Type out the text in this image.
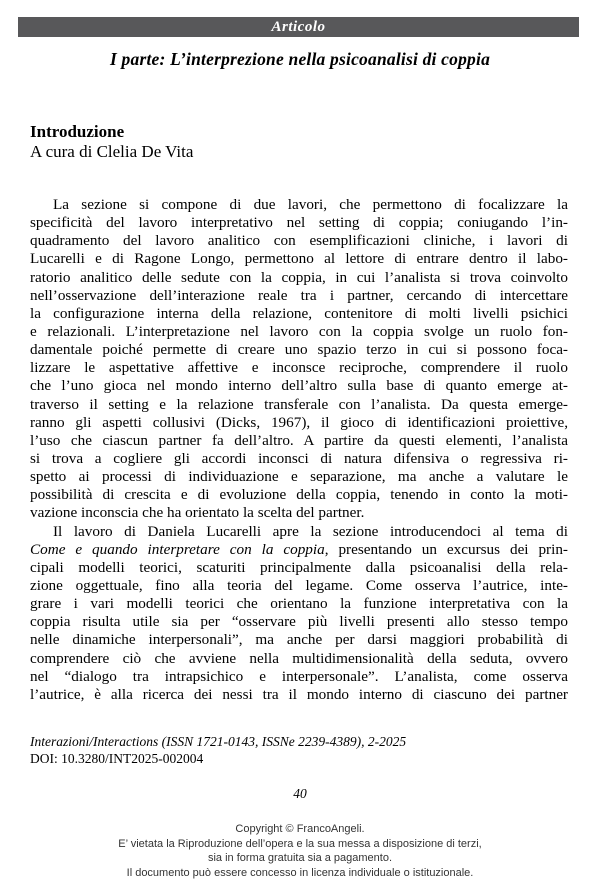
Articolo
I parte: L’interprezione nella psicoanalisi di coppia
Introduzione
A cura di Clelia De Vita
La sezione si compone di due lavori, che permettono di focalizzare la
specificità del lavoro interpretativo nel setting di coppia; coniugando l’in-
quadramento del lavoro analitico con esemplificazioni cliniche, i lavori di
Lucarelli e di Ragone Longo, permettono al lettore di entrare dentro il labo-
ratorio analitico delle sedute con la coppia, in cui l’analista si trova coinvolto
nell’osservazione dell’interazione reale tra i partner, cercando di intercettare
la configurazione interna della relazione, contenitore di molti livelli psichici
e relazionali. L’interpretazione nel lavoro con la coppia svolge un ruolo fon-
damentale poiché permette di creare uno spazio terzo in cui si possono foca-
lizzare le aspettative affettive e inconsce reciproche, comprendere il ruolo
che l’uno gioca nel mondo interno dell’altro sulla base di quanto emerge at-
traverso il setting e la relazione transferale con l’analista. Da questa emerge-
ranno gli aspetti collusivi (Dicks, 1967), il gioco di identificazioni proiettive,
l’uso che ciascun partner fa dell’altro. A partire da questi elementi, l’analista
si trova a cogliere gli accordi inconsci di natura difensiva o regressiva ri-
spetto ai processi di individuazione e separazione, ma anche a valutare le
possibilità di crescita e di evoluzione della coppia, tenendo in conto la moti-
vazione inconscia che ha orientato la scelta del partner.
Il lavoro di Daniela Lucarelli apre la sezione introducendoci al tema di
Come e quando interpretare con la coppia, presentando un excursus dei prin-
cipali modelli teorici, scaturiti principalmente dalla psicoanalisi della rela-
zione oggettuale, fino alla teoria del legame. Come osserva l’autrice, inte-
grare i vari modelli teorici che orientano la funzione interpretativa con la
coppia risulta utile sia per “osservare più livelli presenti allo stesso tempo
nelle dinamiche interpersonali”, ma anche per darsi maggiori probabilità di
comprendere ciò che avviene nella multidimensionalità della seduta, ovvero
nel “dialogo tra intrapsichico e interpersonale”. L’analista, come osserva
l’autrice, è alla ricerca dei nessi tra il mondo interno di ciascuno dei partner
Interazioni/Interactions (ISSN 1721-0143, ISSNe 2239-4389), 2-2025
DOI: 10.3280/INT2025-002004
40
Copyright © FrancoAngeli.
E’ vietata la Riproduzione dell’opera e la sua messa a disposizione di terzi,
sia in forma gratuita sia a pagamento.
Il documento può essere concesso in licenza individuale o istituzionale.
